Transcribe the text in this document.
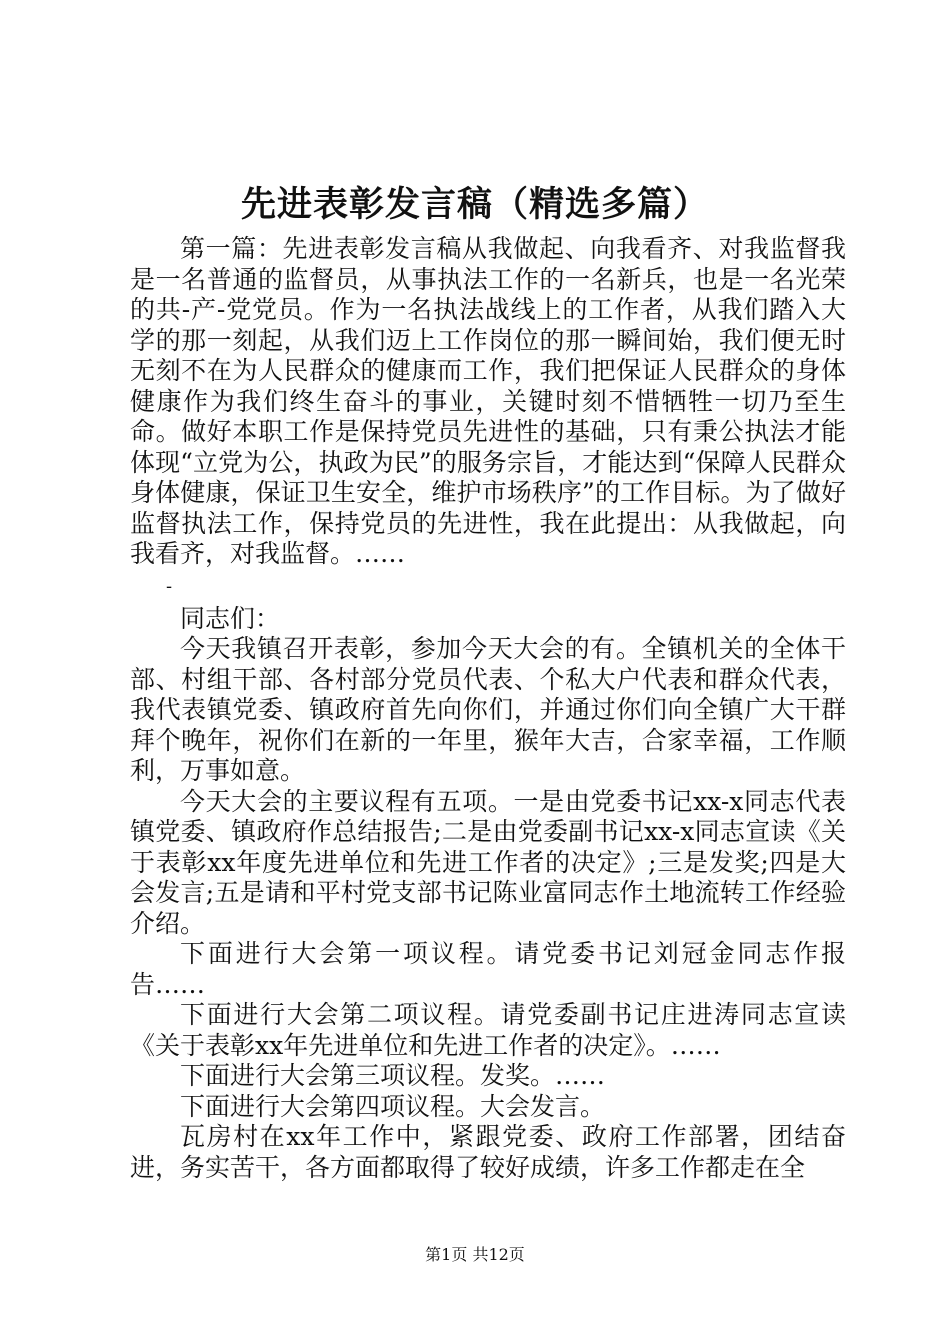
先进表彰发言稿（精选多篇）

第一篇：先进表彰发言稿从我做起、向我看齐、对我监督我是一名普通的监督员，从事执法工作的一名新兵，也是一名光荣的共-产-党党员。作为一名执法战线上的工作者，从我们踏入大学的那一刻起，从我们迈上工作岗位的那一瞬间始，我们便无时无刻不在为人民群众的健康而工作，我们把保证人民群众的身体健康作为我们终生奋斗的事业，关键时刻不惜牺牲一切乃至生命。做好本职工作是保持党员先进性的基础，只有秉公执法才能体现“立党为公，执政为民”的服务宗旨，才能达到“保障人民群众身体健康，保证卫生安全，维护市场秩序”的工作目标。为了做好监督执法工作，保持党员的先进性，我在此提出：从我做起，向我看齐，对我监督。……

-

同志们：

今天我镇召开表彰，参加今天大会的有。全镇机关的全体干部、村组干部、各村部分党员代表、个私大户代表和群众代表，我代表镇党委、镇政府首先向你们，并通过你们向全镇广大干群拜个晚年，祝你们在新的一年里，猴年大吉，合家幸福，工作顺利，万事如意。

今天大会的主要议程有五项。一是由党委书记xx-x同志代表镇党委、镇政府作总结报告;二是由党委副书记xx-x同志宣读《关于表彰xx年度先进单位和先进工作者的决定》;三是发奖;四是大会发言;五是请和平村党支部书记陈业富同志作土地流转工作经验介绍。

下面进行大会第一项议程。请党委书记刘冠金同志作报告……

下面进行大会第二项议程。请党委副书记庄进涛同志宣读《关于表彰xx年先进单位和先进工作者的决定》。……

下面进行大会第三项议程。发奖。……

下面进行大会第四项议程。大会发言。

瓦房村在xx年工作中，紧跟党委、政府工作部署，团结奋进，务实苦干，各方面都取得了较好成绩，许多工作都走在全

第1页 共12页
